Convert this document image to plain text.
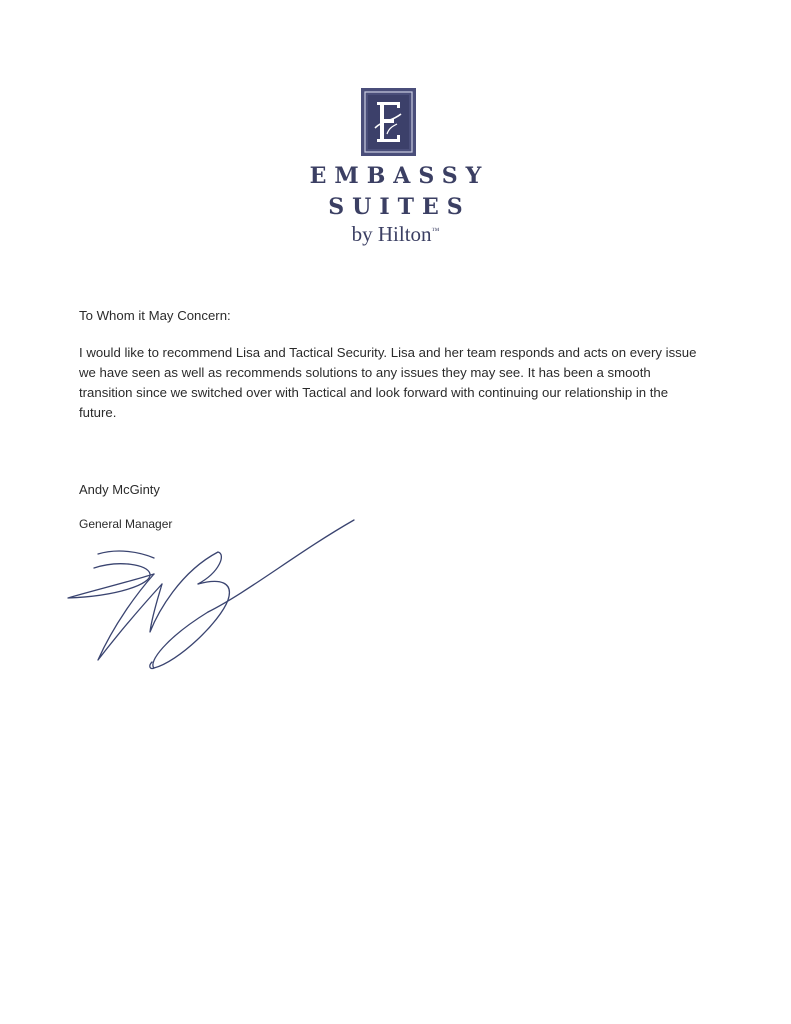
EMBASSY
SUITES
by Hilton™

To Whom it May Concern:

I would like to recommend Lisa and Tactical Security. Lisa and her team responds and acts on every issue we have seen as well as recommends solutions to any issues they may see. It has been a smooth transition since we switched over with Tactical and look forward with continuing our relationship in the future.

Andy McGinty

General Manager
